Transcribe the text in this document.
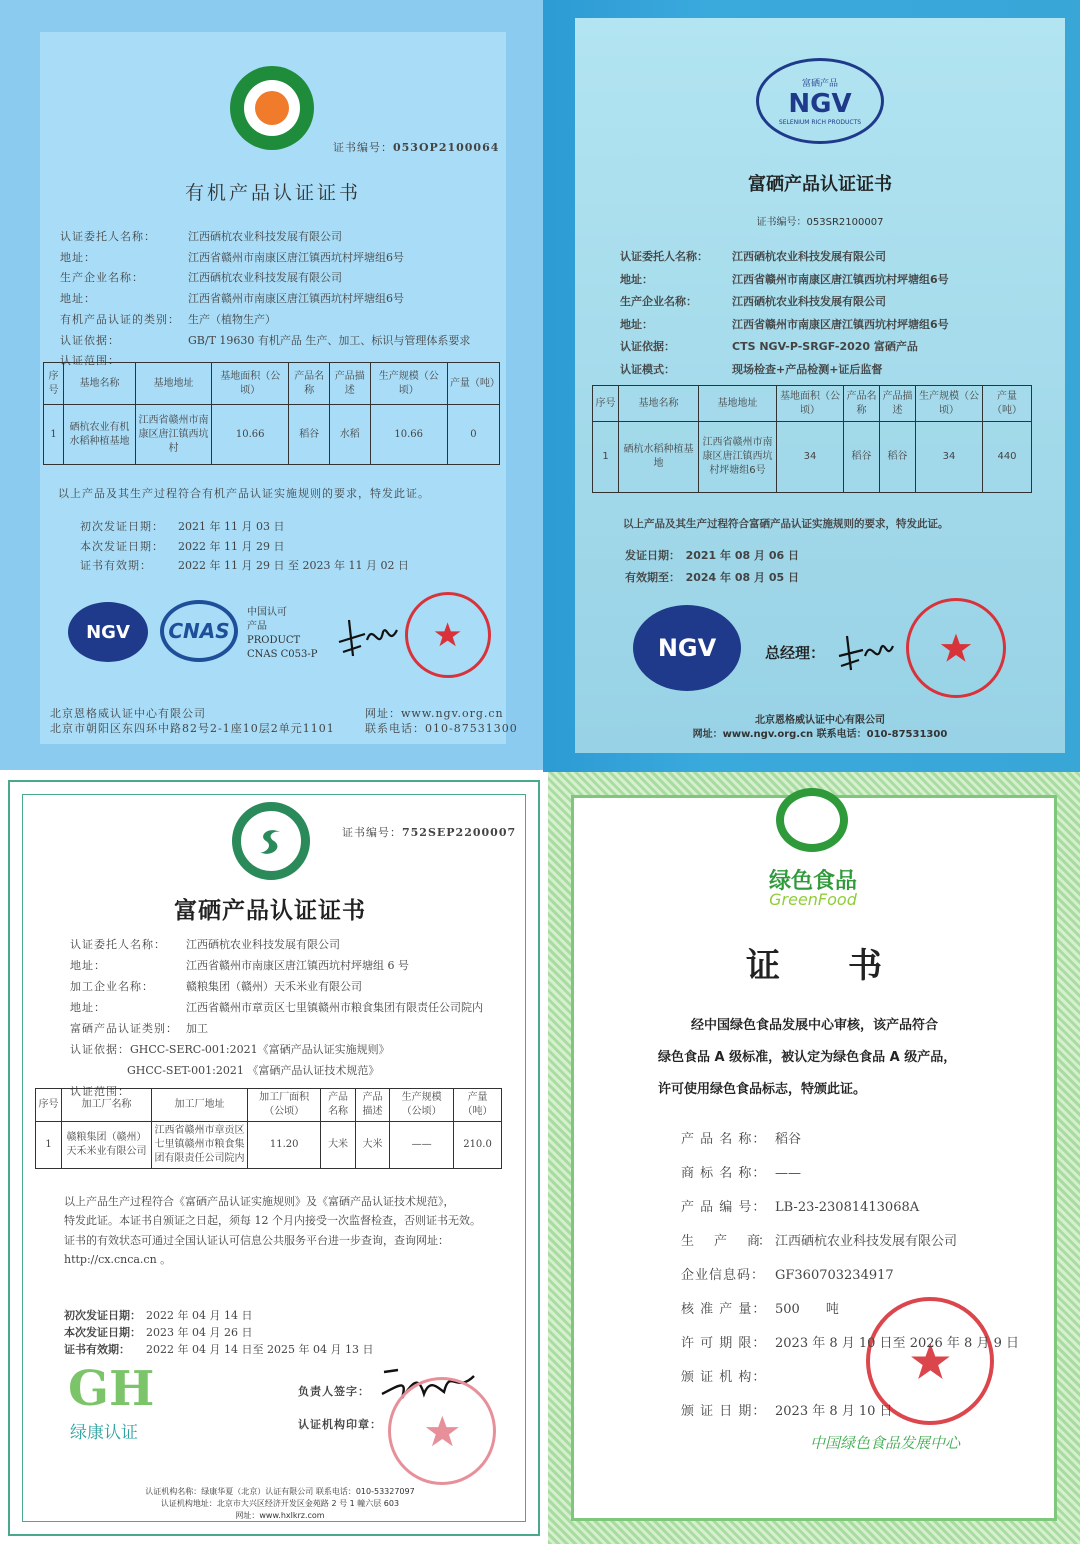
证书编号：053OP2100064
有机产品认证证书
认证委托人名称：	江西硒杭农业科技发展有限公司
地址：	江西省赣州市南康区唐江镇西坑村坪塘组6号
生产企业名称：	江西硒杭农业科技发展有限公司
地址：	江西省赣州市南康区唐江镇西坑村坪塘组6号
有机产品认证的类别： 生产（植物生产）
认证依据：	GB/T 19630 有机产品 生产、加工、标识与管理体系要求
认证范围：
序号	基地名称	基地地址	基地面积（公顷）	产品名称	产品描述	生产规模（公顷）	产量（吨）
1	硒杭农业有机水稻种植基地	江西省赣州市南康区唐江镇西坑村	10.66	稻谷	水稻	10.66	0
以上产品及其生产过程符合有机产品认证实施规则的要求，特发此证。
初次发证日期： 2021 年 11 月 03 日
本次发证日期： 2022 年 11 月 29 日
证书有效期： 2022 年 11 月 29 日 至 2023 年 11 月 02 日
NGV	CNAS
中国认可
产品
PRODUCT
CNAS C053-P
北京恩格威认证中心有限公司
北京市朝阳区东四环中路82号2-1座10层2单元1101
网址：www.ngv.org.cn
联系电话：010-87531300
富硒产品
NGV
SELENIUM RICH PRODUCTS
富硒产品认证证书
证书编号：053SR2100007
认证委托人名称： 江西硒杭农业科技发展有限公司
地址：	江西省赣州市南康区唐江镇西坑村坪塘组6号
生产企业名称：	江西硒杭农业科技发展有限公司
地址：	江西省赣州市南康区唐江镇西坑村坪塘组6号
认证依据：	CTS NGV-P-SRGF-2020 富硒产品
认证模式：	现场检查+产品检测+证后监督
序号	基地名称	基地地址	基地面积（公顷）	产品名称	产品描述	生产规模（公顷）	产量（吨）
1	硒杭水稻种植基地	江西省赣州市南康区唐江镇西坑村坪塘组6号	34	稻谷	稻谷	34	440
以上产品及其生产过程符合富硒产品认证实施规则的要求，特发此证。
发证日期： 2021 年 08 月 06 日
有效期至： 2024 年 08 月 05 日
NGV	总经理：
北京恩格威认证中心有限公司
网址：www.ngv.org.cn 联系电话：010-87531300
证书编号：752SEP2200007
富硒产品认证证书
认证委托人名称： 江西硒杭农业科技发展有限公司
地址：	江西省赣州市南康区唐江镇西坑村坪塘组 6 号
加工企业名称：	赣粮集团（赣州）天禾米业有限公司
地址：	江西省赣州市章贡区七里镇赣州市粮食集团有限责任公司院内
富硒产品认证类别： 加工
认证依据：GHCC-SERC-001:2021《富硒产品认证实施规则》
GHCC-SET-001:2021 《富硒产品认证技术规范》
认证范围：
序号	加工厂名称	加工厂地址	加工厂面积（公顷）	产品名称	产品描述	生产规模（公顷）	产量（吨）
1	赣粮集团（赣州）天禾米业有限公司	江西省赣州市章贡区七里镇赣州市粮食集团有限责任公司院内	11.20	大米	大米	——	210.0
以上产品生产过程符合《富硒产品认证实施规则》及《富硒产品认证技术规范》，
特发此证。本证书自颁证之日起，须每 12 个月内接受一次监督检查，否则证书无效。
证书的有效状态可通过全国认证认可信息公共服务平台进一步查询，查询网址：
http://cx.cnca.cn 。
初次发证日期： 2022 年 04 月 14 日
本次发证日期： 2023 年 04 月 26 日
证书有效期： 2022 年 04 月 14 日至 2025 年 04 月 13 日
GH
绿康认证
负责人签字：
认证机构印章：
认证机构名称：绿康华夏（北京）认证有限公司 联系电话：010-53327097
认证机构地址：北京市大兴区经济开发区金苑路 2 号 1 幢六层 603
网址：www.hxlkrz.com
绿色食品
GreenFood
证　　书
经中国绿色食品发展中心审核，该产品符合
绿色食品 A 级标准，被认定为绿色食品 A 级产品，
许可使用绿色食品标志，特颁此证。
产 品 名 称： 稻谷
商 标 名 称： ——
产 品 编 号： LB-23-23081413068A
生　　产　　商： 江西硒杭农业科技发展有限公司
企业信息码： GF360703234917
核 准 产 量： 500　　吨
许 可 期 限： 2023 年 8 月 10 日至 2026 年 8 月 9 日
颁 证 机 构：
颁 证 日 期： 2023 年 8 月 10 日
中国绿色食品发展中心
